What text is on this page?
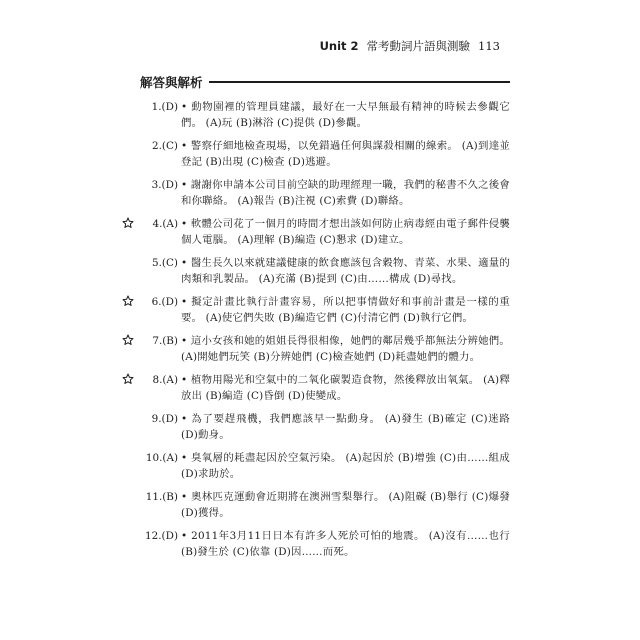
Unit 2 常考動詞片語與測驗 113
解答與解析
1.(D) • 動物園裡的管理員建議，最好在一大早無最有精神的時候去參觀它們。 (A)玩 (B)淋浴 (C)提供 (D)參觀。
2.(C) • 警察仔細地檢查現場，以免錯過任何與謀殺相關的線索。 (A)到達並登記 (B)出現 (C)檢查 (D)逃避。
3.(D) • 謝謝你申請本公司目前空缺的助理經理一職，我們的秘書不久之後會和你聯絡。 (A)報告 (B)注視 (C)索費 (D)聯絡。
4.(A) • 軟體公司花了一個月的時間才想出該如何防止病毒經由電子郵件侵襲個人電腦。 (A)理解 (B)編造 (C)懇求 (D)建立。
5.(C) • 醫生長久以來就建議健康的飲食應該包含穀物、青菜、水果、適量的肉類和乳製品。 (A)充滿 (B)提到 (C)由……構成 (D)尋找。
6.(D) • 擬定計畫比執行計畫容易，所以把事情做好和事前計畫是一樣的重要。 (A)使它們失敗 (B)編造它們 (C)付清它們 (D)執行它們。
7.(B) • 這小女孩和她的姐姐長得很相像，她們的鄰居幾乎都無法分辨她們。 (A)開她們玩笑 (B)分辨她們 (C)檢查她們 (D)耗盡她們的體力。
8.(A) • 植物用陽光和空氣中的二氧化碳製造食物，然後釋放出氧氣。 (A)釋放出 (B)編造 (C)昏倒 (D)使變成。
9.(D) • 為了要趕飛機，我們應該早一點動身。 (A)發生 (B)確定 (C)迷路 (D)動身。
10.(A) • 臭氧層的耗盡起因於空氣污染。 (A)起因於 (B)增強 (C)由……組成 (D)求助於。
11.(B) • 奧林匹克運動會近期將在澳洲雪梨舉行。 (A)阻礙 (B)舉行 (C)爆發 (D)獲得。
12.(D) • 2011年3月11日日本有許多人死於可怕的地震。 (A)沒有……也行 (B)發生於 (C)依靠 (D)因……而死。
